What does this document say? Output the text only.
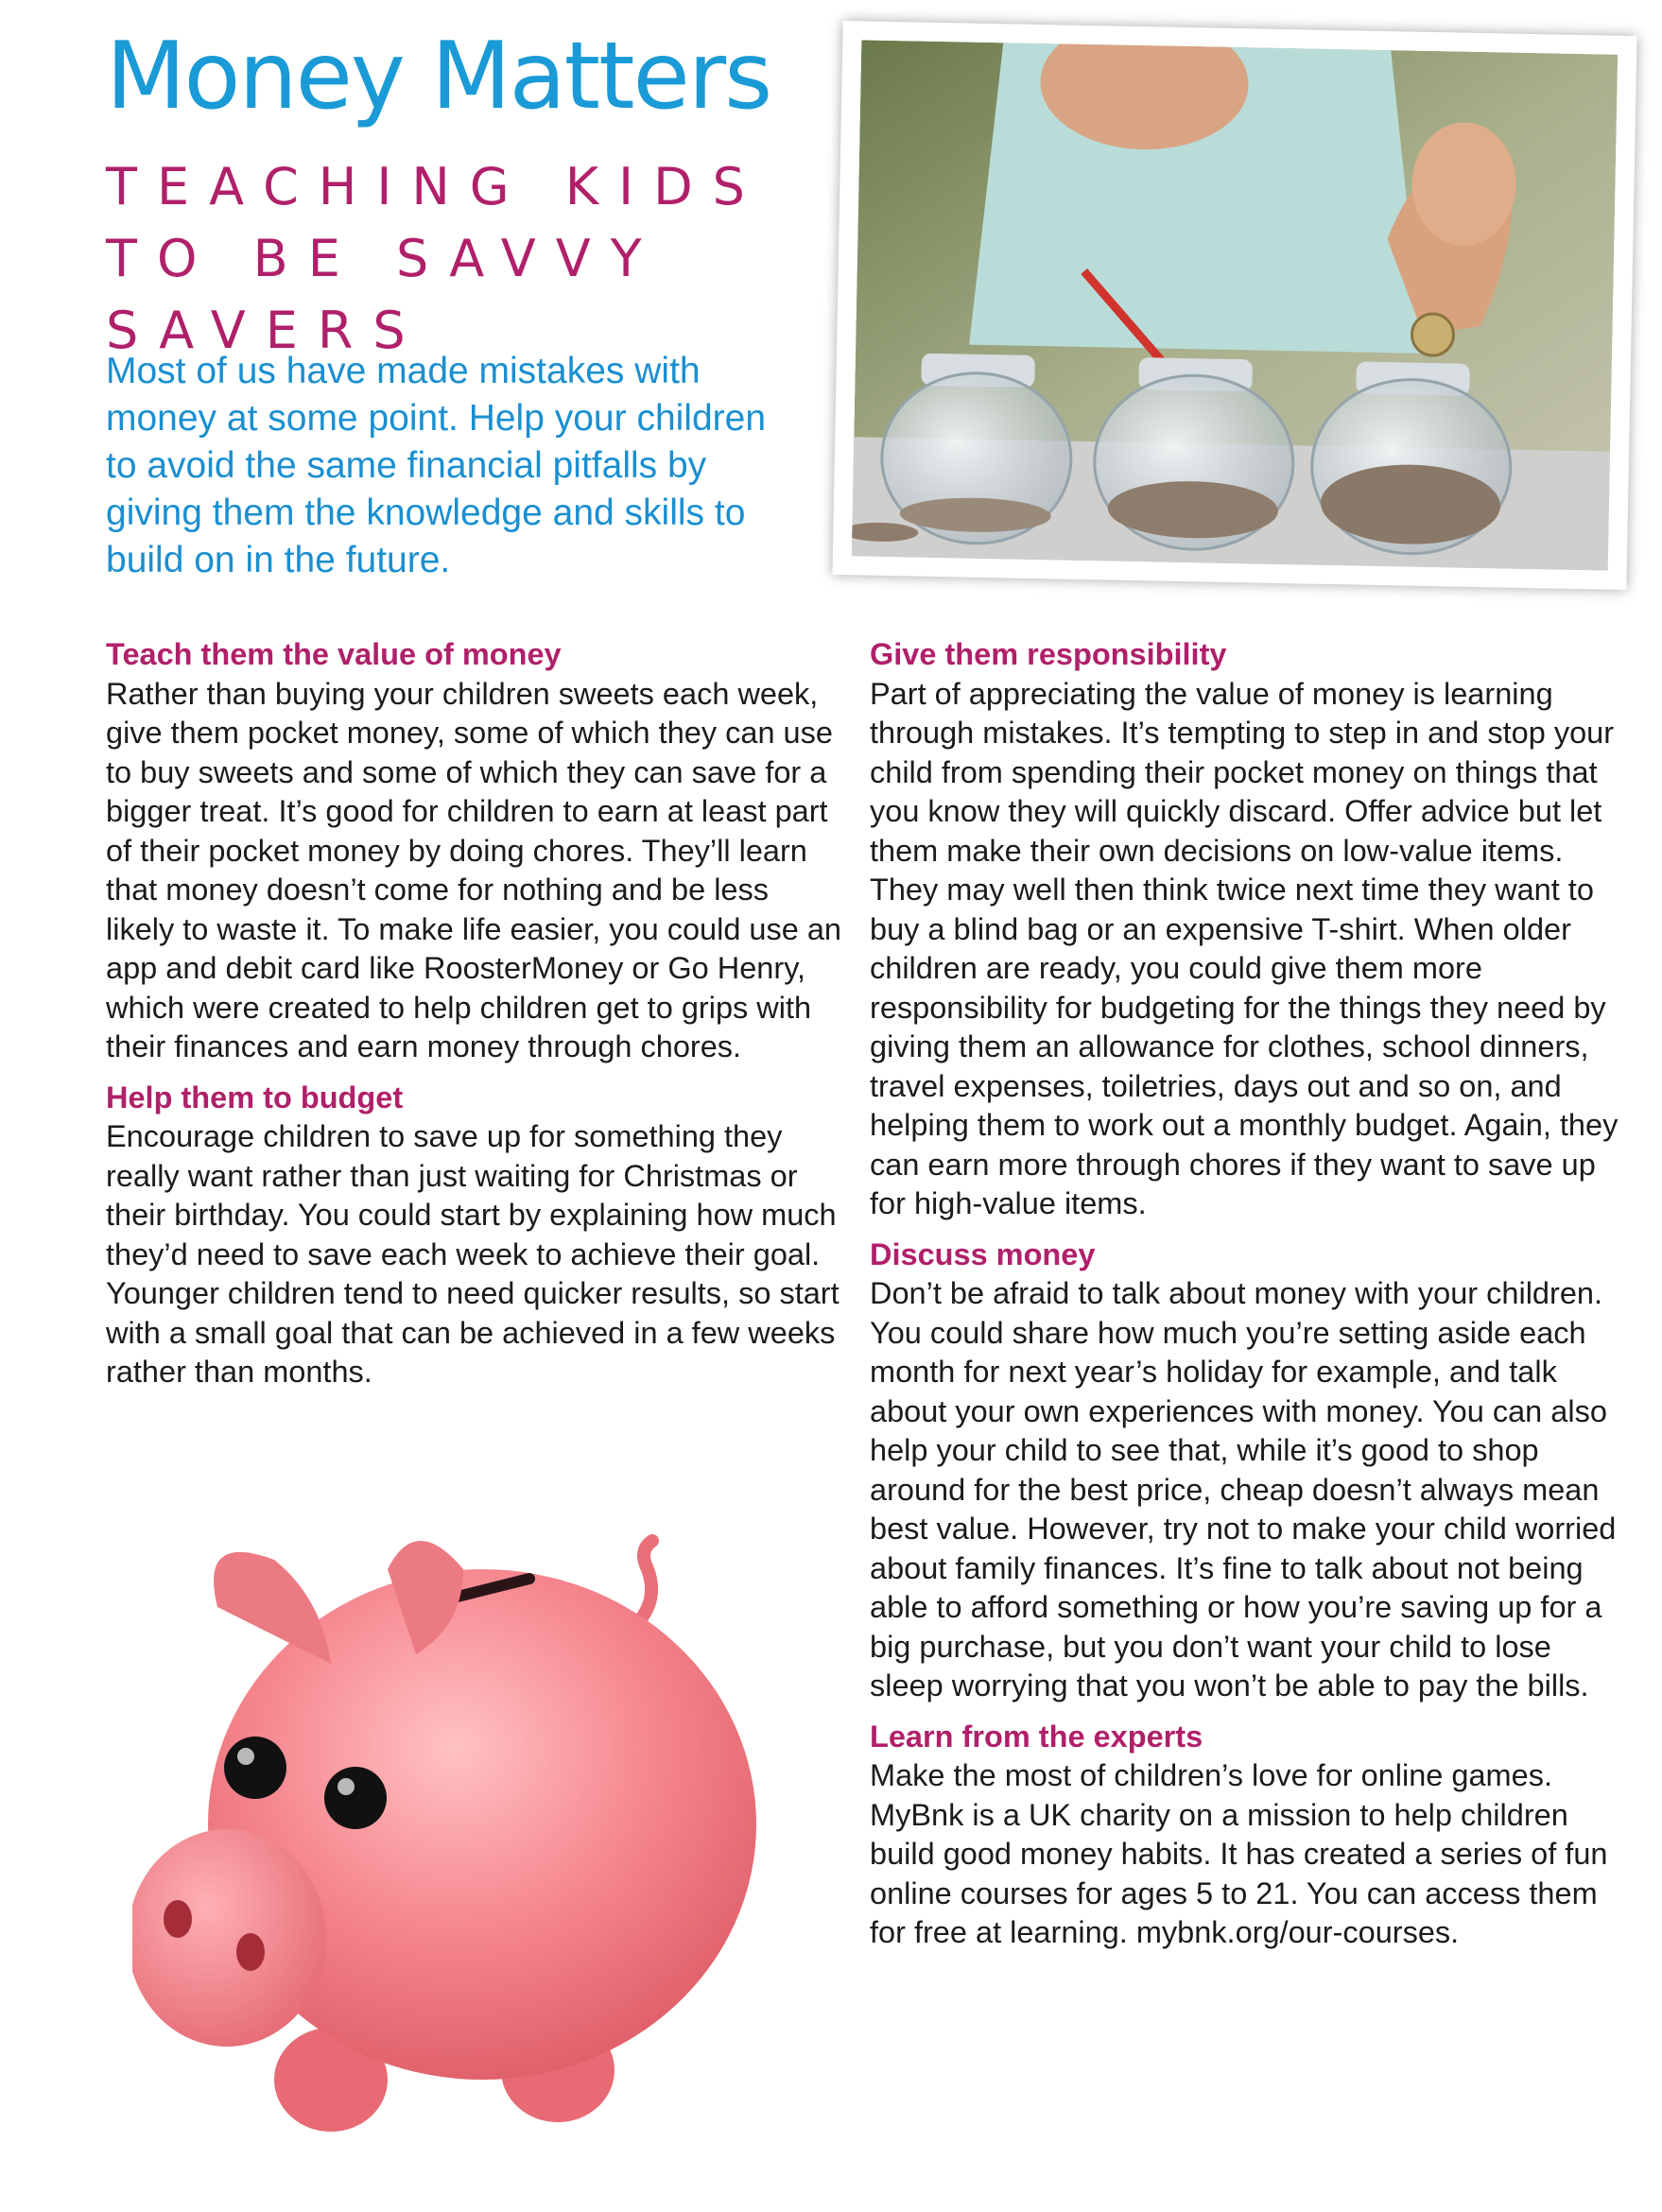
Money Matters
TEACHING KIDS TO BE SAVVY SAVERS

Most of us have made mistakes with money at some point. Help your children to avoid the same financial pitfalls by giving them the knowledge and skills to build on in the future.

Teach them the value of money

Rather than buying your children sweets each week, give them pocket money, some of which they can use to buy sweets and some of which they can save for a bigger treat. It’s good for children to earn at least part of their pocket money by doing chores. They’ll learn that money doesn’t come for nothing and be less likely to waste it. To make life easier, you could use an app and debit card like RoosterMoney or Go Henry, which were created to help children get to grips with their finances and earn money through chores.

Help them to budget

Encourage children to save up for something they really want rather than just waiting for Christmas or their birthday. You could start by explaining how much they’d need to save each week to achieve their goal. Younger children tend to need quicker results, so start with a small goal that can be achieved in a few weeks rather than months.

Give them responsibility

Part of appreciating the value of money is learning through mistakes. It’s tempting to step in and stop your child from spending their pocket money on things that you know they will quickly discard. Offer advice but let them make their own decisions on low-value items. They may well then think twice next time they want to buy a blind bag or an expensive T-shirt. When older children are ready, you could give them more responsibility for budgeting for the things they need by giving them an allowance for clothes, school dinners, travel expenses, toiletries, days out and so on, and helping them to work out a monthly budget. Again, they can earn more through chores if they want to save up for high-value items.

Discuss money

Don’t be afraid to talk about money with your children. You could share how much you’re setting aside each month for next year’s holiday for example, and talk about your own experiences with money. You can also help your child to see that, while it’s good to shop around for the best price, cheap doesn’t always mean best value. However, try not to make your child worried about family finances. It’s fine to talk about not being able to afford something or how you’re saving up for a big purchase, but you don’t want your child to lose sleep worrying that you won’t be able to pay the bills.

Learn from the experts

Make the most of children’s love for online games. MyBnk is a UK charity on a mission to help children build good money habits. It has created a series of fun online courses for ages 5 to 21. You can access them for free at learning. mybnk.org/our-courses.
